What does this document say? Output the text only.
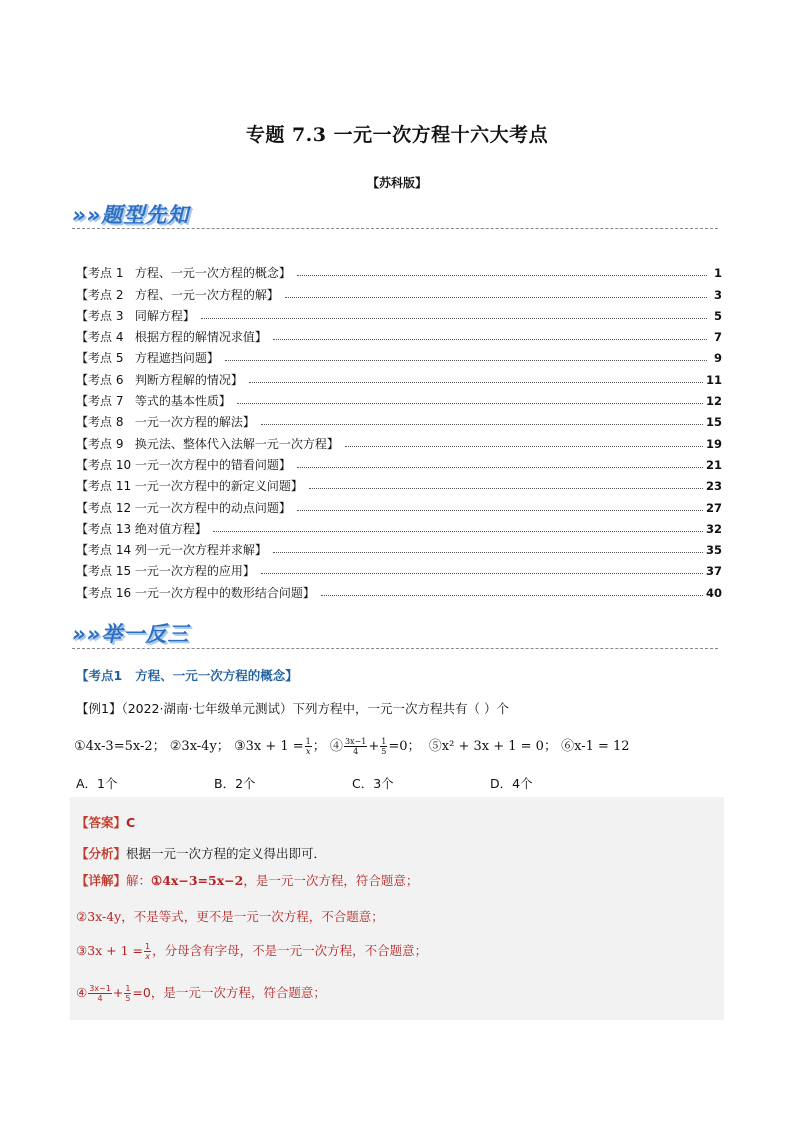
专题 7.3 一元一次方程十六大考点
【苏科版】
»»题型先知
【考点 1   方程、一元一次方程的概念】	1
【考点 2   方程、一元一次方程的解】	3
【考点 3   同解方程】	5
【考点 4   根据方程的解情况求值】	7
【考点 5   方程遮挡问题】	9
【考点 6   判断方程解的情况】	11
【考点 7   等式的基本性质】	12
【考点 8   一元一次方程的解法】	15
【考点 9   换元法、整体代入法解一元一次方程】	19
【考点 10 一元一次方程中的错看问题】	21
【考点 11 一元一次方程中的新定义问题】	23
【考点 12 一元一次方程中的动点问题】	27
【考点 13 绝对值方程】	32
【考点 14 列一元一次方程并求解】	35
【考点 15 一元一次方程的应用】	37
【考点 16 一元一次方程中的数形结合问题】	40
»»举一反三
【考点1   方程、一元一次方程的概念】
【例1】（2022·湖南·七年级单元测试）下列方程中，一元一次方程共有（ ）个
①4x-3=5x-2； ②3x-4y； ③3x + $1 = \frac{1}{x}$ ； ④ $\frac{3x-1}{4} + \frac{1}{5} =0$； ⑤x² + 3x + 1 = 0； ⑥x-1 = 12
A．1个	B．2个	C．3个	D．4个
【答案】C
【分析】根据一元一次方程的定义得出即可．
【详解】解：①4x−3=5x−2，是一元一次方程，符合题意；
②3x-4y，不是等式，更不是一元一次方程，不合题意；
③3x + $1 = \frac{1}{x}$ ，分母含有字母，不是一元一次方程，不合题意；
④ $\frac{3x-1}{4} + \frac{1}{5} =0$，是一元一次方程，符合题意；
